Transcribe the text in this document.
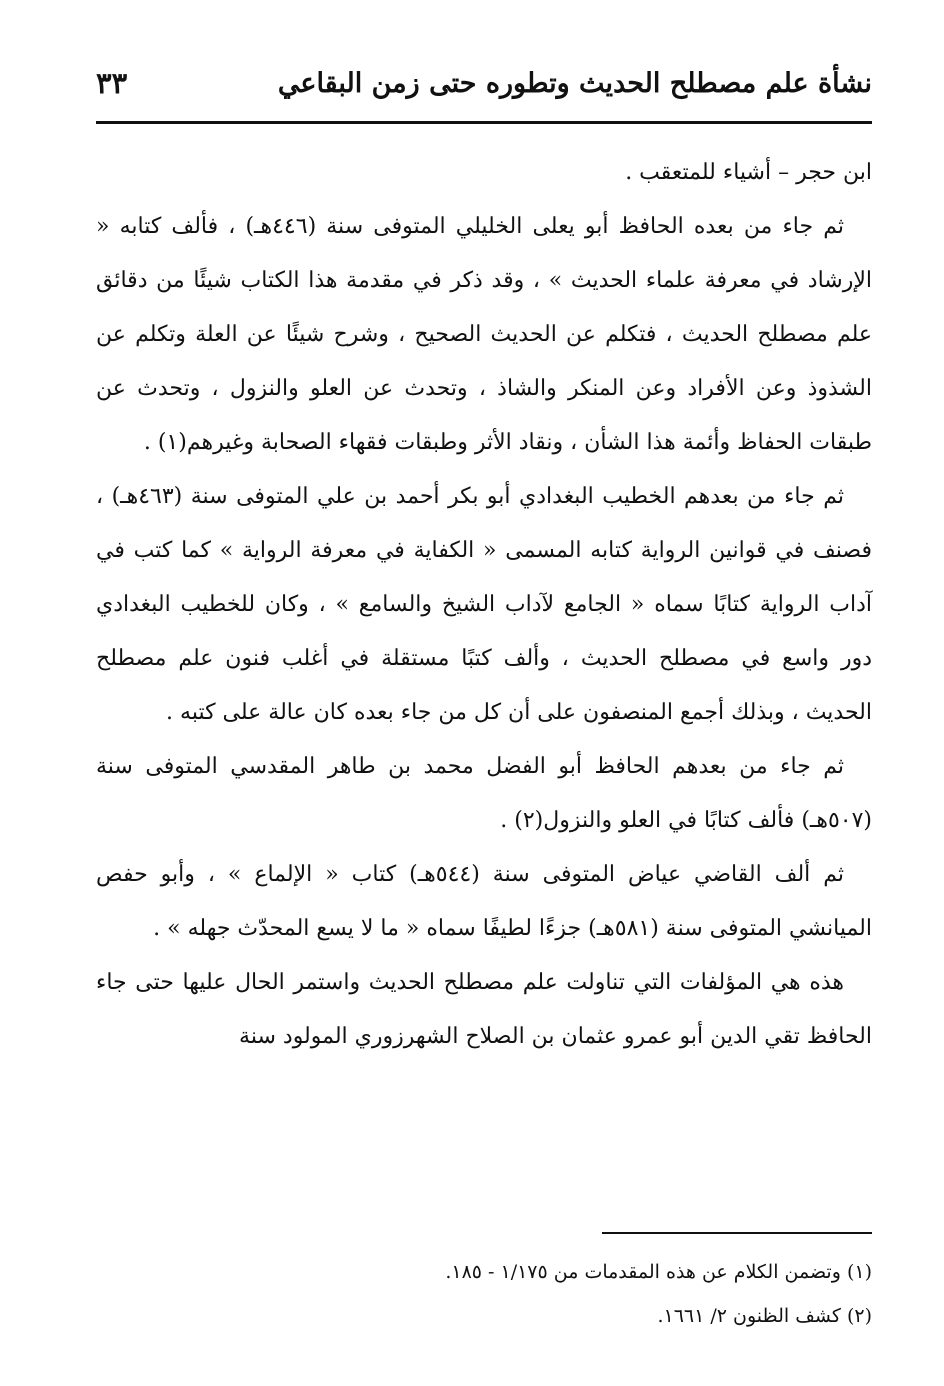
نشأة علم مصطلح الحديث وتطوره حتى زمن البقاعي
٣٣

ابن حجر – أشياء للمتعقب .

ثم جاء من بعده الحافظ أبو يعلى الخليلي المتوفى سنة (٤٤٦هـ) ، فألف كتابه « الإرشاد في معرفة علماء الحديث » ، وقد ذكر في مقدمة هذا الكتاب شيئًا من دقائق علم مصطلح الحديث ، فتكلم عن الحديث الصحيح ، وشرح شيئًا عن العلة وتكلم عن الشذوذ وعن الأفراد وعن المنكر والشاذ ، وتحدث عن العلو والنزول ، وتحدث عن طبقات الحفاظ وأئمة هذا الشأن ، ونقاد الأثر وطبقات فقهاء الصحابة وغيرهم(١) .

ثم جاء من بعدهم الخطيب البغدادي أبو بكر أحمد بن علي المتوفى سنة (٤٦٣هـ) ، فصنف في قوانين الرواية كتابه المسمى « الكفاية في معرفة الرواية » كما كتب في آداب الرواية كتابًا سماه « الجامع لآداب الشيخ والسامع » ، وكان للخطيب البغدادي دور واسع في مصطلح الحديث ، وألف كتبًا مستقلة في أغلب فنون علم مصطلح الحديث ، وبذلك أجمع المنصفون على أن كل من جاء بعده كان عالة على كتبه .

ثم جاء من بعدهم الحافظ أبو الفضل محمد بن طاهر المقدسي المتوفى سنة (٥٠٧هـ) فألف كتابًا في العلو والنزول(٢) .

ثم ألف القاضي عياض المتوفى سنة (٥٤٤هـ) كتاب « الإلماع » ، وأبو حفص الميانشي المتوفى سنة (٥٨١هـ) جزءًا لطيفًا سماه « ما لا يسع المحدّث جهله » .

هذه هي المؤلفات التي تناولت علم مصطلح الحديث واستمر الحال عليها حتى جاء الحافظ تقي الدين أبو عمرو عثمان بن الصلاح الشهرزوري المولود سنة

(١) وتضمن الكلام عن هذه المقدمات من ١/١٧٥ - ١٨٥.

(٢) كشف الظنون ٢/ ١٦٦١.
